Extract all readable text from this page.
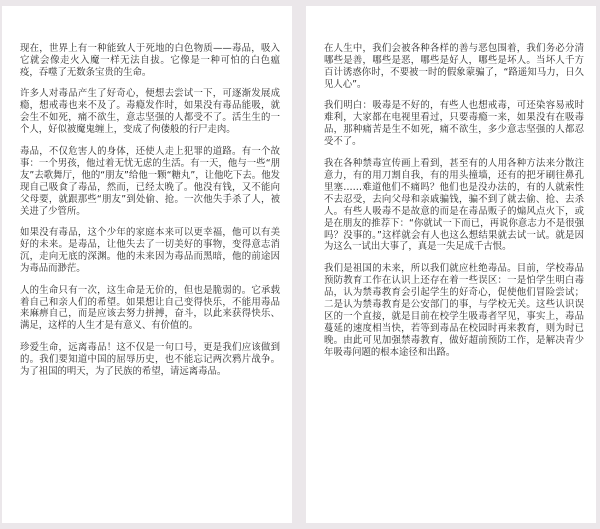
现在，世界上有一种能致人于死地的白色物质——毒品，吸入它就会像走火入魔一样无法自拔。它像是一种可怕的白色瘟疫，吞噬了无数条宝贵的生命。

许多人对毒品产生了好奇心，便想去尝试一下，可逐渐发展成瘾，想戒毒也来不及了。毒瘾发作时，如果没有毒品能吸，就会生不如死，痛不欲生，意志坚强的人都受不了。活生生的一个人，好似被魔鬼缠上，变成了佝偻般的行尸走肉。

毒品，不仅危害人的身体，还使人走上犯罪的道路。有一个故事：一个男孩，他过着无忧无虑的生活。有一天，他与一些“朋友”去歌舞厅，他的“朋友”给他一颗“糖丸”，让他吃下去。他发现自己吸食了毒品，然而，已经太晚了。他没有钱，又不能向父母要，就跟那些“朋友”到处偷、抢。一次他失手杀了人，被关进了少管所。

如果没有毒品，这个少年的家庭本来可以更幸福，他可以有美好的未来。是毒品，让他失去了一切美好的事物，变得意志消沉，走向无底的深渊。他的未来因为毒品而黑暗，他的前途因为毒品而渺茫。

人的生命只有一次，这生命是无价的，但也是脆弱的。它承载着自己和亲人们的希望。如果想让自己变得快乐，不能用毒品来麻痹自己，而是应该去努力拼搏，奋斗，以此来获得快乐、满足，这样的人生才是有意义、有价值的。

珍爱生命，远离毒品！这不仅是一句口号，更是我们应该做到的。我们要知道中国的屈辱历史，也不能忘记两次鸦片战争。为了祖国的明天，为了民族的希望，请远离毒品。

在人生中，我们会被各种各样的善与恶包围着，我们务必分清哪些是善，哪些是恶，哪些是好人，哪些是坏人。当坏人千方百计诱惑你时，不要被一时的假象蒙骗了，“路遥知马力，日久见人心”。

我们明白：吸毒是不好的，有些人也想戒毒，可还染容易戒时难利，大家都在电视里看过，只要毒瘾一来，如果没有在吸毒品，那种痛苦是生不如死，痛不欲生，多少意志坚强的人都忍受不了。

我在各种禁毒宣传画上看到，甚至有的人用各种方法来分散注意力，有的用刀割自我，有的用头撞墙，还有的把牙刷往鼻孔里塞……难道他们不痛吗？他们也是没办法的，有的人就索性不去忍受，去向父母和亲戚骗钱，骗不到了就去偷、抢、去杀人。有些人吸毒不是故意的而是在毒品贩子的煽风点火下，或是在朋友的推荐下：“你就试一下而已，再说你意志力不是很强吗？没事的。”这样就会有人也这么想结果就去试一试。就是因为这么一试出大事了，真是一失足成千古恨。

我们是祖国的未来，所以我们就应杜绝毒品。目前，学校毒品预防教育工作在认识上还存在着一些误区：一是怕学生明白毒品，认为禁毒教育会引起学生的好奇心，促使他们冒险尝试；二是认为禁毒教育是公安部门的事，与学校无关。这些认识误区的一个直接，就是目前在校学生吸毒者罕见，事实上，毒品蔓延的速度相当快，若等到毒品在校园时再来教育，则为时已晚。由此可见加强禁毒教育，做好超前预防工作，是解决青少年吸毒问题的根本途径和出路。
